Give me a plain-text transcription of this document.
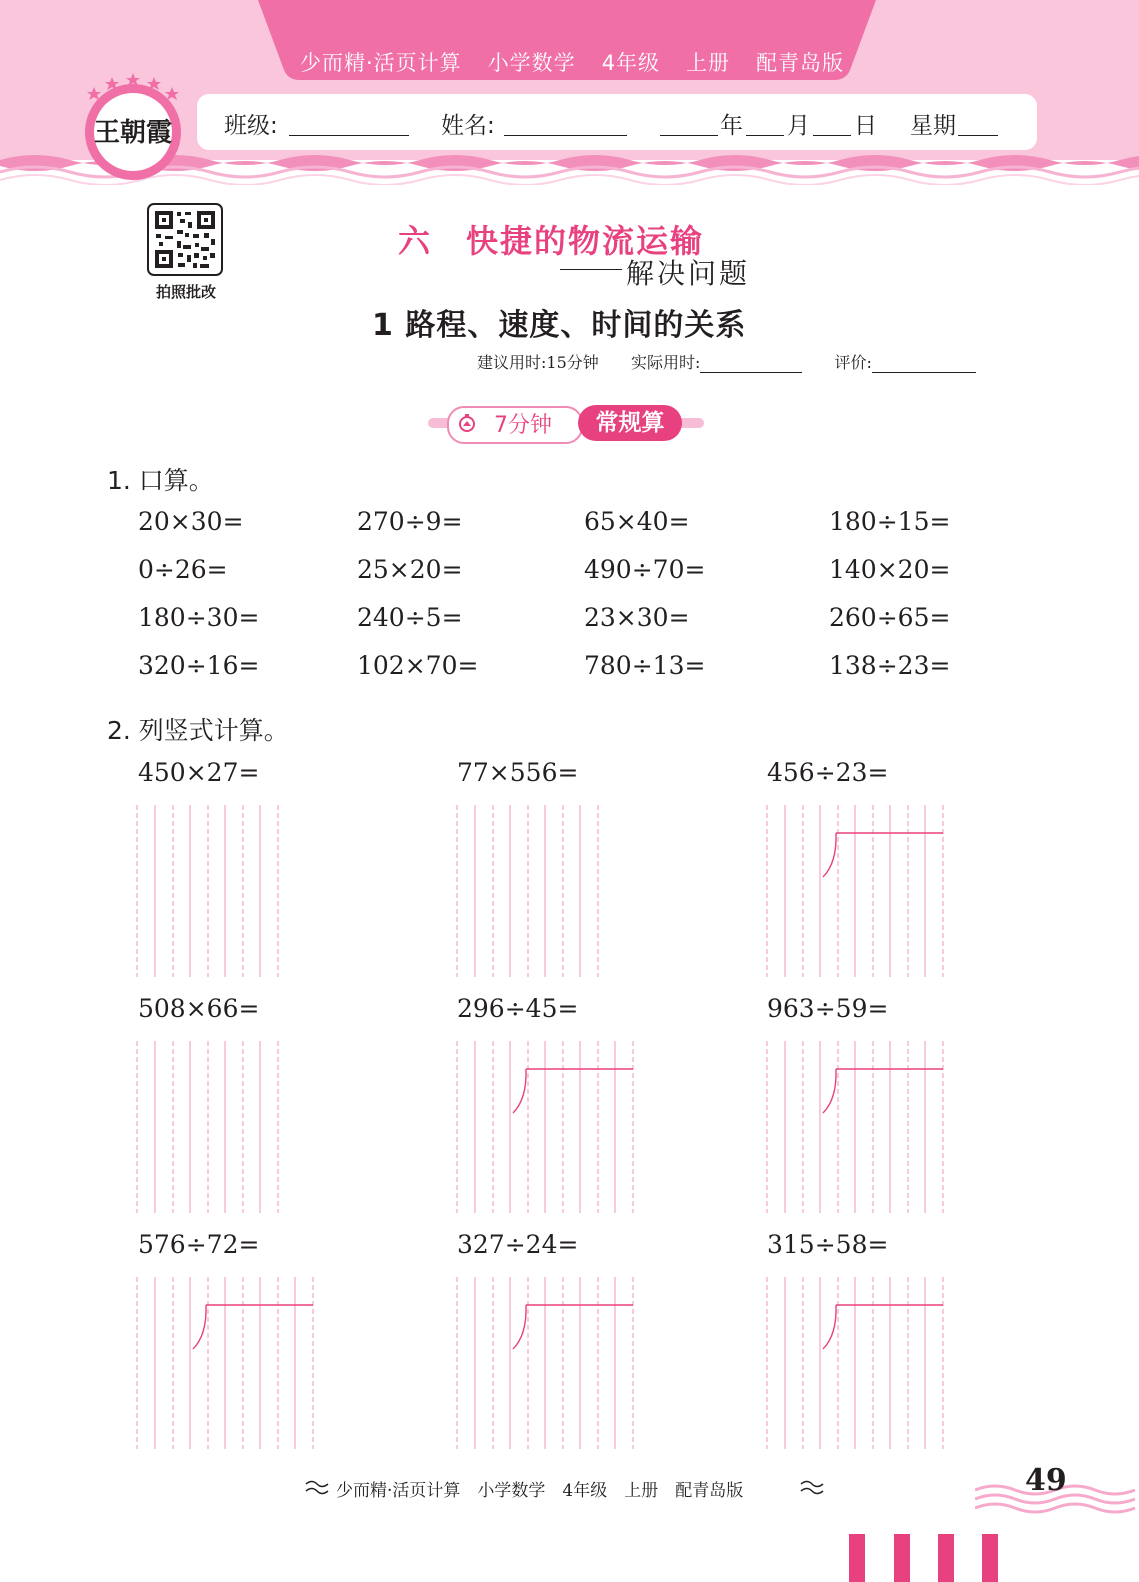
少而精·活页计算 小学数学 4年级 上册 配青岛版
班级:	姓名:	年 月 日 星期
王朝霞
拍照批改
六　快捷的物流运输
解决问题
1 路程、速度、时间的关系
建议用时:15分钟 实际用时:	评价:
7分钟	常规算
1. 口算。
20×30=	270÷9=	65×40=	180÷15=
0÷26=	25×20=	490÷70=	140×20=
180÷30=	240÷5=	23×30=	260÷65=
320÷16=	102×70=	780÷13=	138÷23=
2. 列竖式计算。
450×27=	77×556=	456÷23=
508×66=	296÷45=	963÷59=
576÷72=	327÷24=	315÷58=
少而精·活页计算　小学数学　4年级　上册　配青岛版	49
